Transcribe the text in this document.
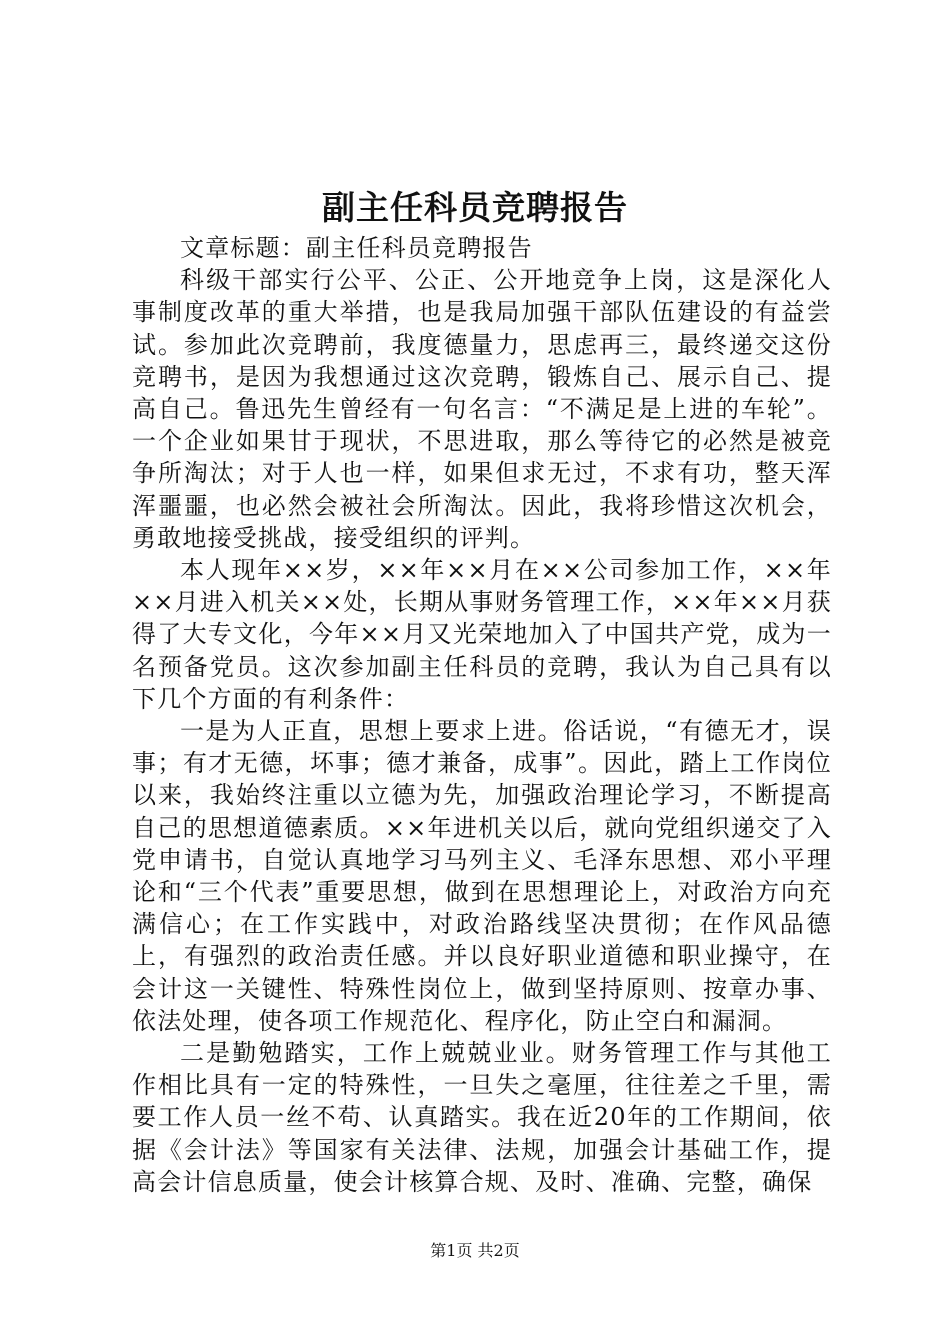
副主任科员竞聘报告

文章标题：副主任科员竞聘报告

科级干部实行公平、公正、公开地竞争上岗，这是深化人事制度改革的重大举措，也是我局加强干部队伍建设的有益尝试。参加此次竞聘前，我度德量力，思虑再三，最终递交这份竞聘书，是因为我想通过这次竞聘，锻炼自己、展示自己、提高自己。鲁迅先生曾经有一句名言：“不满足是上进的车轮”。一个企业如果甘于现状，不思进取，那么等待它的必然是被竞争所淘汰；对于人也一样，如果但求无过，不求有功，整天浑浑噩噩，也必然会被社会所淘汰。因此，我将珍惜这次机会，勇敢地接受挑战，接受组织的评判。

本人现年××岁，××年××月在××公司参加工作，××年××月进入机关××处，长期从事财务管理工作，××年××月获得了大专文化，今年××月又光荣地加入了中国共产党，成为一名预备党员。这次参加副主任科员的竞聘，我认为自己具有以下几个方面的有利条件：

一是为人正直，思想上要求上进。俗话说，“有德无才，误事；有才无德，坏事；德才兼备，成事”。因此，踏上工作岗位以来，我始终注重以立德为先，加强政治理论学习，不断提高自己的思想道德素质。××年进机关以后，就向党组织递交了入党申请书，自觉认真地学习马列主义、毛泽东思想、邓小平理论和“三个代表”重要思想，做到在思想理论上，对政治方向充满信心；在工作实践中，对政治路线坚决贯彻；在作风品德上，有强烈的政治责任感。并以良好职业道德和职业操守，在会计这一关键性、特殊性岗位上，做到坚持原则、按章办事、依法处理，使各项工作规范化、程序化，防止空白和漏洞。

二是勤勉踏实，工作上兢兢业业。财务管理工作与其他工作相比具有一定的特殊性，一旦失之毫厘，往往差之千里，需要工作人员一丝不苟、认真踏实。我在近20年的工作期间，依据《会计法》等国家有关法律、法规，加强会计基础工作，提高会计信息质量，使会计核算合规、及时、准确、完整，确保

第1页 共2页
